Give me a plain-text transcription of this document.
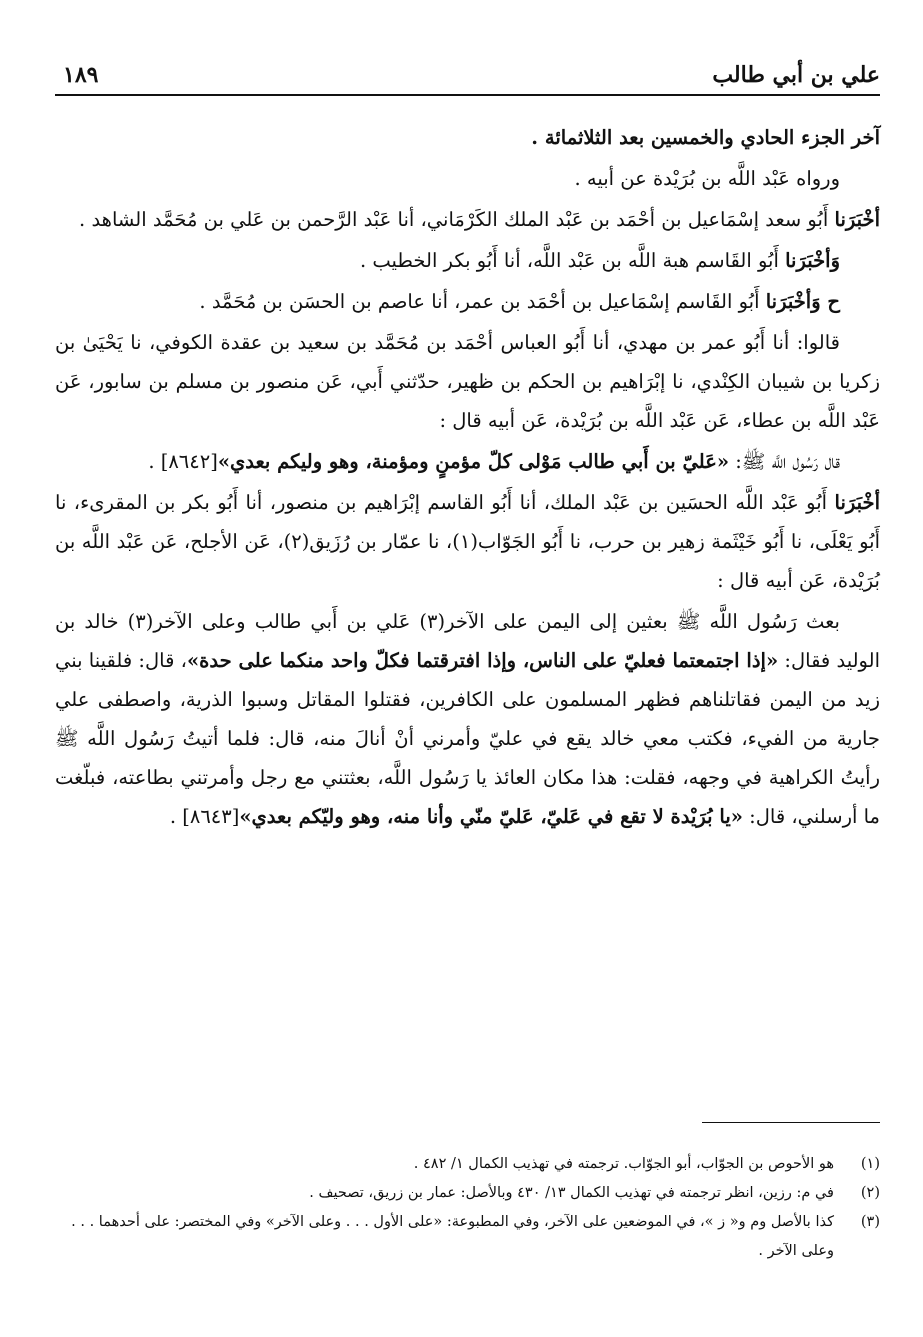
علي بن أبي طالب
١٨٩

آخر الجزء الحادي والخمسين بعد الثلاثمائة .

ورواه عَبْد اللَّه بن بُرَيْدة عن أبيه .

أخْبَرَنا أَبُو سعد إسْمَاعيل بن أحْمَد بن عَبْد الملك الكَرْمَاني، أنا عَبْد الرَّحمن بن عَلي بن مُحَمَّد الشاهد .

وَأخْبَرَنا أَبُو القَاسم هبة اللَّه بن عَبْد اللَّه، أنا أَبُو بكر الخطيب .

ح وَأخْبَرَنا أَبُو القَاسم إسْمَاعيل بن أحْمَد بن عمر، أنا عاصم بن الحسَن بن مُحَمَّد .

قالوا: أنا أَبُو عمر بن مهدي، أنا أَبُو العباس أحْمَد بن مُحَمَّد بن سعيد بن عقدة الكوفي، نا يَحْيَىٰ بن زكريا بن شيبان الكِنْدي، نا إبْرَاهيم بن الحكم بن ظهير، حدّثني أَبي، عَن منصور بن مسلم بن سابور، عَن عَبْد اللَّه بن عطاء، عَن عَبْد اللَّه بن بُرَيْدة، عَن أبيه قال :

قال رَسُول اللَّه ﷺ: «عَليّ بن أَبي طالب مَوْلى كلّ مؤمنٍ ومؤمنة، وهو وليكم بعدي»[٨٦٤٢] .

أخْبَرَنا أَبُو عَبْد اللَّه الحسَين بن عَبْد الملك، أنا أَبُو القاسم إبْرَاهيم بن منصور، أنا أَبُو بكر بن المقرىء، نا أَبُو يَعْلَى، نا أَبُو خَيْثَمة زهير بن حرب، نا أَبُو الجَوّاب(١)، نا عمّار بن رُزَيق(٢)، عَن الأجلح، عَن عَبْد اللَّه بن بُرَيْدة، عَن أبيه قال :

بعث رَسُول اللَّه ﷺ بعثين إلى اليمن على الآخر(٣) عَلي بن أَبي طالب وعلى الآخر(٣) خالد بن الوليد فقال: «إذا اجتمعتما فعليّ على الناس، وإذا افترقتما فكلّ واحد منكما على حدة»، قال: فلقينا بني زيد من اليمن فقاتلناهم فظهر المسلمون على الكافرين، فقتلوا المقاتل وسبوا الذرية، واصطفى علي جارية من الفيء، فكتب معي خالد يقع في عليّ وأمرني أنْ أنالَ منه، قال: فلما أتيتُ رَسُول اللَّه ﷺ رأيتُ الكراهية في وجهه، فقلت: هذا مكان العائذ يا رَسُول اللَّه، بعثتني مع رجل وأمرتني بطاعته، فبلّغت ما أرسلني، قال: «يا بُرَيْدة لا تقع في عَليّ، عَليّ منّي وأنا منه، وهو وليّكم بعدي»[٨٦٤٣] .

(١)
هو الأحوص بن الجوّاب، أبو الجوّاب. ترجمته في تهذيب الكمال ١/ ٤٨٢ .
(٢)
في م: رزين، انظر ترجمته في تهذيب الكمال ١٣/ ٤٣٠ وبالأصل: عمار بن زريق، تصحيف .
(٣)
كذا بالأصل وم و« ز »، في الموضعين على الآخر، وفي المطبوعة: «على الأول . . . وعلى الآخر» وفي المختصر: على أحدهما . . . وعلى الآخر .
